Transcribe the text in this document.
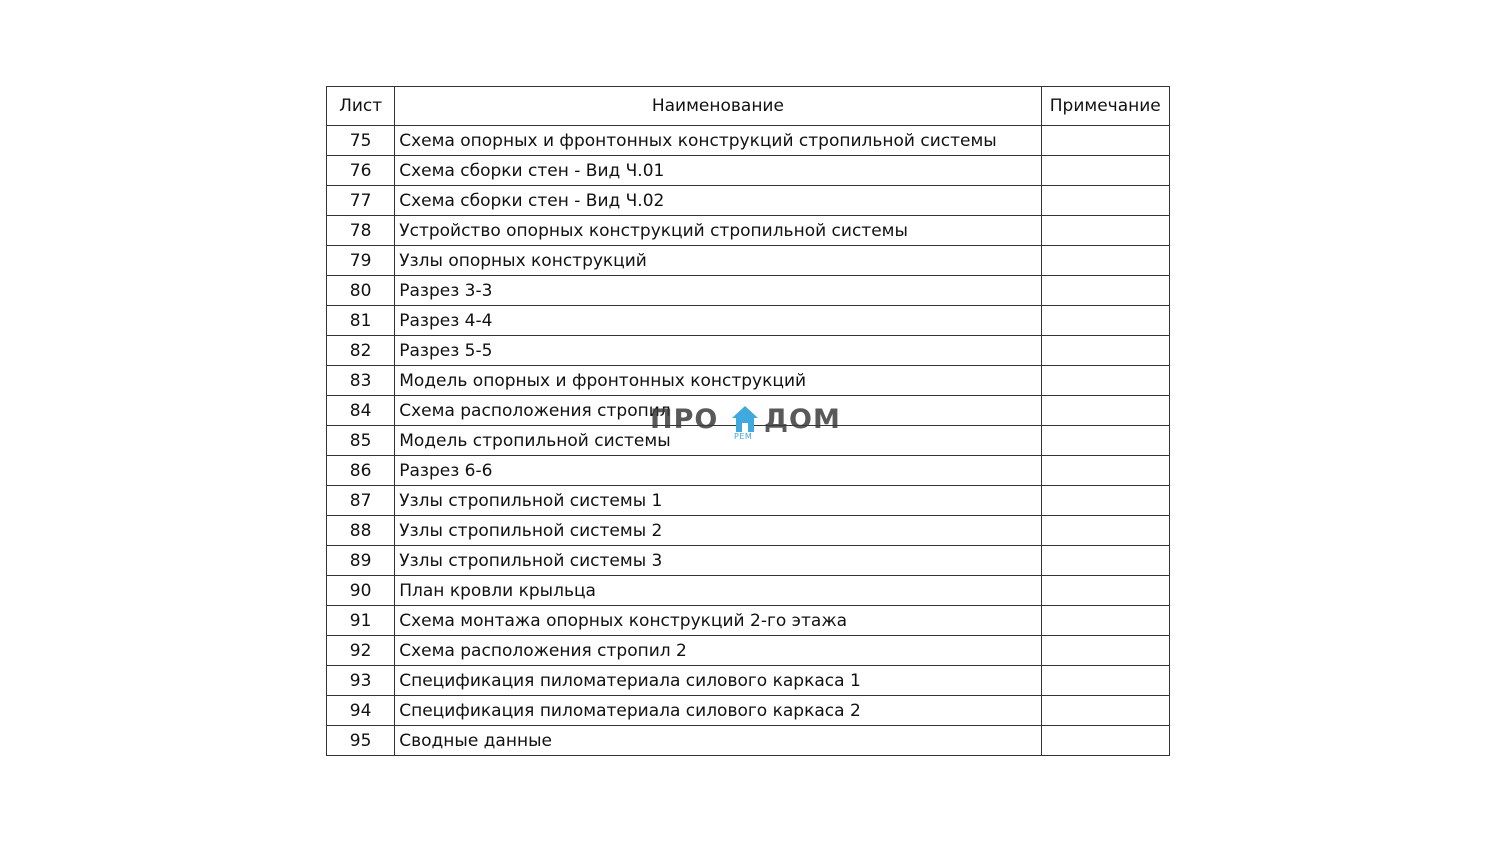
Лист	Наименование	Примечание
75	Схема опорных и фронтонных конструкций стропильной системы	
76	Схема сборки стен - Вид Ч.01	
77	Схема сборки стен - Вид Ч.02	
78	Устройство опорных конструкций стропильной системы	
79	Узлы опорных конструкций	
80	Разрез 3-3	
81	Разрез 4-4	
82	Разрез 5-5	
83	Модель опорных и фронтонных конструкций	
84	Схема расположения стропил	
85	Модель стропильной системы	
86	Разрез 6-6	
87	Узлы стропильной системы 1	
88	Узлы стропильной системы 2	
89	Узлы стропильной системы 3	
90	План кровли крыльца	
91	Схема монтажа опорных конструкций 2-го этажа	
92	Схема расположения стропил 2	
93	Спецификация пиломатериала силового каркаса 1	
94	Спецификация пиломатериала силового каркаса 2	
95	Сводные данные	
ПРО ДОМ
РЕМ
